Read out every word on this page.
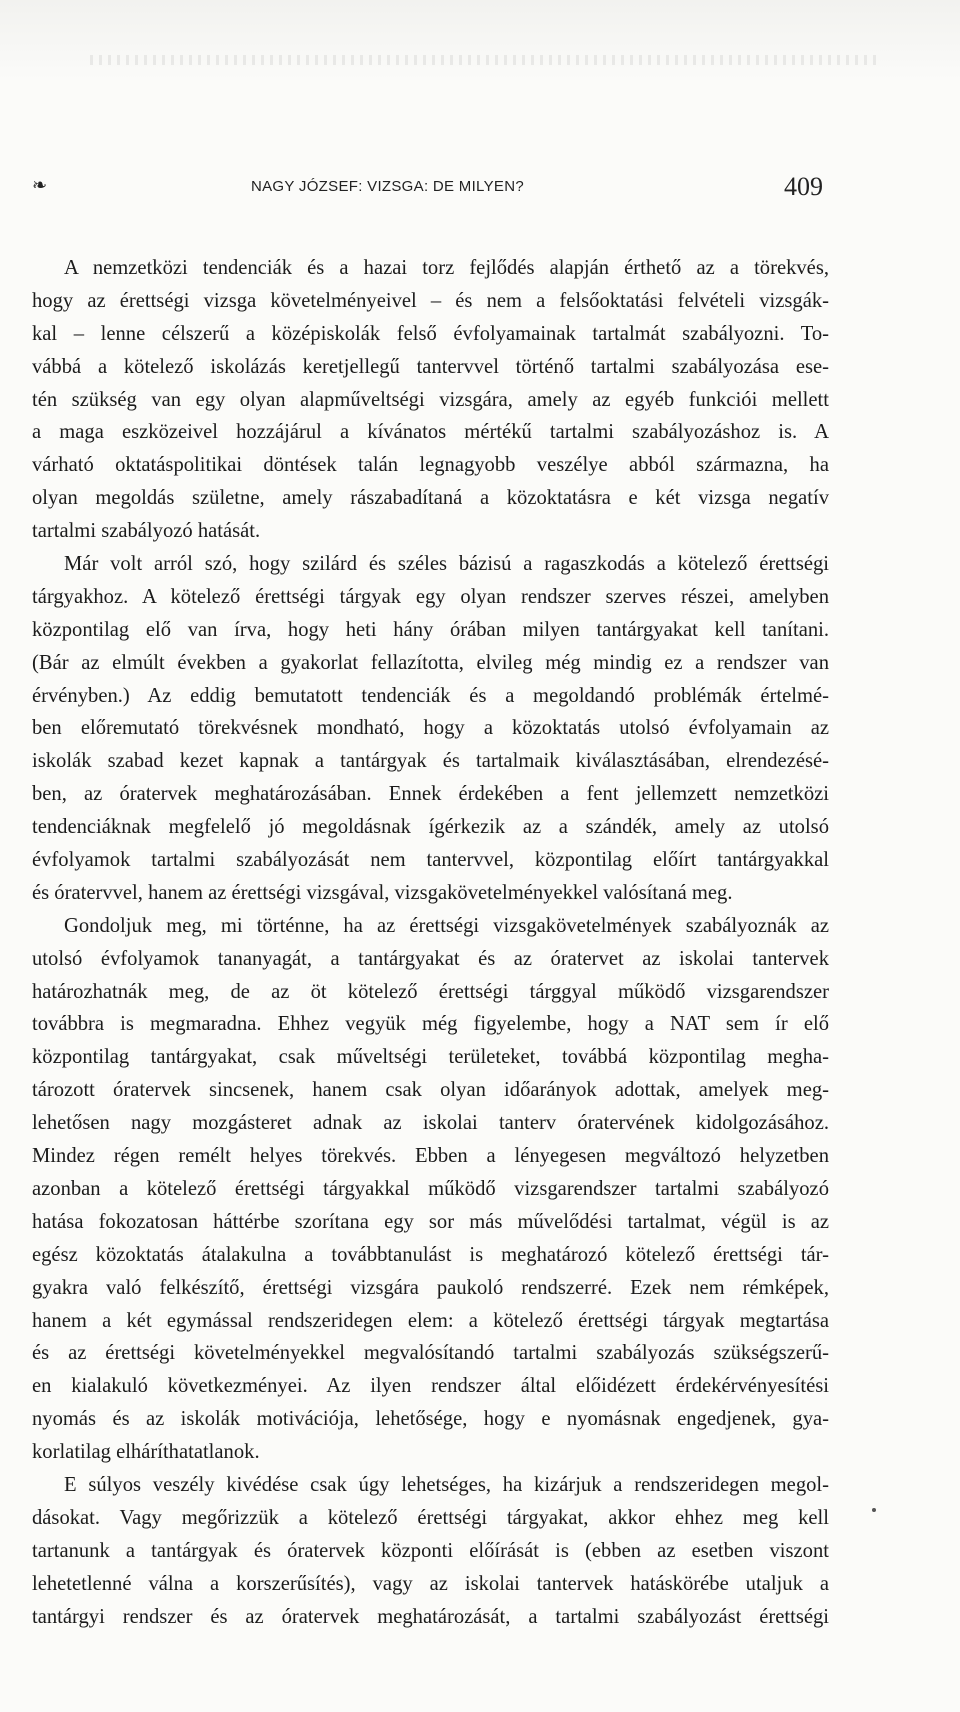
❧	NAGY JÓZSEF: VIZSGA: DE MILYEN?	409
A nemzetközi tendenciák és a hazai torz fejlődés alapján érthető az a törekvés,
hogy az érettségi vizsga követelményeivel – és nem a felsőoktatási felvételi vizsgák-
kal – lenne célszerű a középiskolák felső évfolyamainak tartalmát szabályozni. To-
vábbá a kötelező iskolázás keretjellegű tantervvel történő tartalmi szabályozása ese-
tén szükség van egy olyan alapműveltségi vizsgára, amely az egyéb funkciói mellett
a maga eszközeivel hozzájárul a kívánatos mértékű tartalmi szabályozáshoz is. A
várható oktatáspolitikai döntések talán legnagyobb veszélye abból származna, ha
olyan megoldás születne, amely rászabadítaná a közoktatásra e két vizsga negatív
tartalmi szabályozó hatását.
Már volt arról szó, hogy szilárd és széles bázisú a ragaszkodás a kötelező érettségi
tárgyakhoz. A kötelező érettségi tárgyak egy olyan rendszer szerves részei, amelyben
központilag elő van írva, hogy heti hány órában milyen tantárgyakat kell tanítani.
(Bár az elmúlt években a gyakorlat fellazította, elvileg még mindig ez a rendszer van
érvényben.) Az eddig bemutatott tendenciák és a megoldandó problémák értelmé-
ben előremutató törekvésnek mondható, hogy a közoktatás utolsó évfolyamain az
iskolák szabad kezet kapnak a tantárgyak és tartalmaik kiválasztásában, elrendezésé-
ben, az óratervek meghatározásában. Ennek érdekében a fent jellemzett nemzetközi
tendenciáknak megfelelő jó megoldásnak ígérkezik az a szándék, amely az utolsó
évfolyamok tartalmi szabályozását nem tantervvel, központilag előírt tantárgyakkal
és óratervvel, hanem az érettségi vizsgával, vizsgakövetelményekkel valósítaná meg.
Gondoljuk meg, mi történne, ha az érettségi vizsgakövetelmények szabályoznák az
utolsó évfolyamok tananyagát, a tantárgyakat és az óratervet az iskolai tantervek
határozhatnák meg, de az öt kötelező érettségi tárggyal működő vizsgarendszer
továbbra is megmaradna. Ehhez vegyük még figyelembe, hogy a NAT sem ír elő
központilag tantárgyakat, csak műveltségi területeket, továbbá központilag megha-
tározott óratervek sincsenek, hanem csak olyan időarányok adottak, amelyek meg-
lehetősen nagy mozgásteret adnak az iskolai tanterv óratervének kidolgozásához.
Mindez régen remélt helyes törekvés. Ebben a lényegesen megváltozó helyzetben
azonban a kötelező érettségi tárgyakkal működő vizsgarendszer tartalmi szabályozó
hatása fokozatosan háttérbe szorítana egy sor más művelődési tartalmat, végül is az
egész közoktatás átalakulna a továbbtanulást is meghatározó kötelező érettségi tár-
gyakra való felkészítő, érettségi vizsgára paukoló rendszerré. Ezek nem rémképek,
hanem a két egymással rendszeridegen elem: a kötelező érettségi tárgyak megtartása
és az érettségi követelményekkel megvalósítandó tartalmi szabályozás szükségszerű-
en kialakuló következményei. Az ilyen rendszer által előidézett érdekérvényesítési
nyomás és az iskolák motivációja, lehetősége, hogy e nyomásnak engedjenek, gya-
korlatilag elháríthatatlanok.
E súlyos veszély kivédése csak úgy lehetséges, ha kizárjuk a rendszeridegen megol-
dásokat. Vagy megőrizzük a kötelező érettségi tárgyakat, akkor ehhez meg kell
tartanunk a tantárgyak és óratervek központi előírását is (ebben az esetben viszont
lehetetlenné válna a korszerűsítés), vagy az iskolai tantervek hatáskörébe utaljuk a
tantárgyi rendszer és az óratervek meghatározását, a tartalmi szabályozást érettségi
